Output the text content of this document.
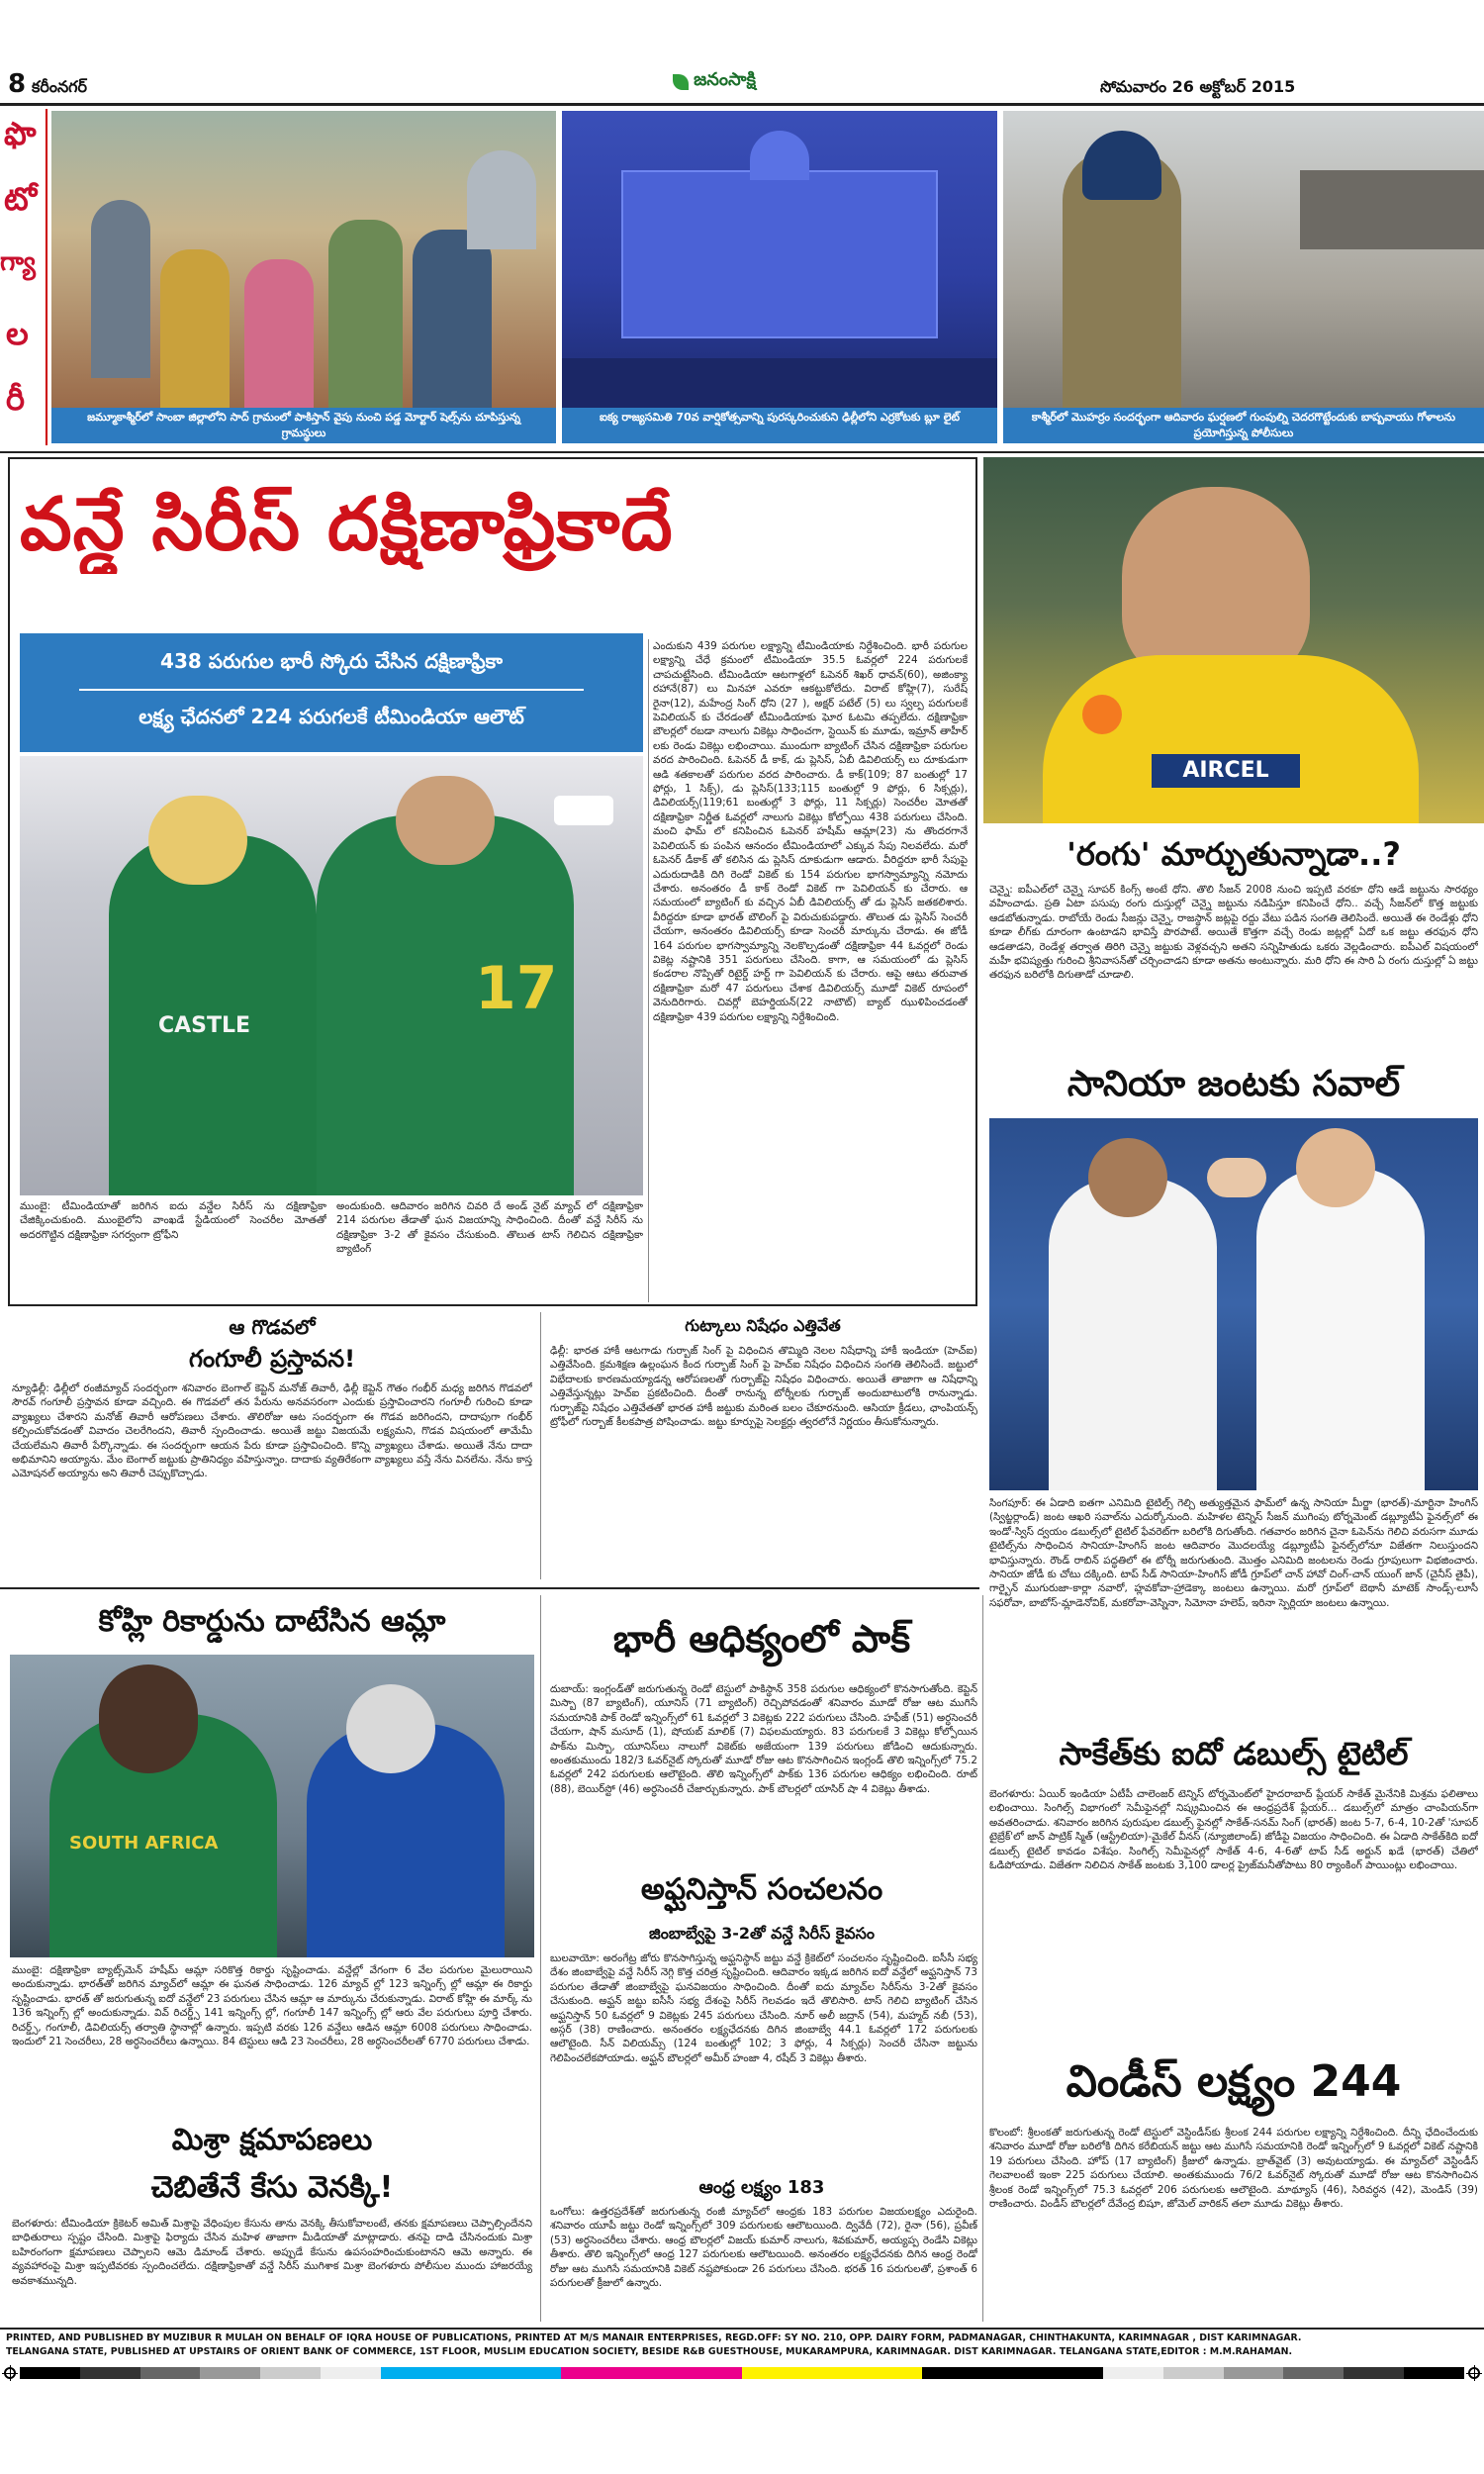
8 కరీంనగర్	జనంసాక్షి	సోమవారం 26 అక్టోబర్ 2015
ఫొ
టో
గ్యా
ల
రీ	జమ్మూకాశ్మీర్‌లో సాంబా జిల్లాలోని సాద్ గ్రామంలో పాకిస్తాన్ వైపు నుంచి పడ్డ మోర్టార్ షెల్స్‌ను చూపిస్తున్న గ్రామస్థులు
ఐక్య రాజ్యసమితి 70వ వార్షికోత్సవాన్ని పురస్కరించుకుని ఢిల్లీలోని ఎర్రకోటకు బ్లూ లైట్	కాశ్మీర్‌లో మొహర్రం సందర్భంగా ఆదివారం ఘర్షణలో గుంపుల్ని చెదరగొట్టేందుకు బాష్పవాయు గోళాలను ప్రయోగిస్తున్న పోలీసులు
వన్డే సిరీస్ దక్షిణాఫ్రికాదే
438 పరుగుల భారీ స్కోరు చేసిన దక్షిణాఫ్రికా
లక్ష్య ఛేదనలో 224 పరుగలకే టీమిండియా ఆలౌట్
ఎందుకుని 439 పరుగుల లక్ష్యాన్ని టీమిండియాకు నిర్దేశించింది. భారీ పరుగుల లక్ష్యాన్ని చేధే క్రమంలో టీమిండియా 35.5 ఓవర్లలో 224 పరుగులకే చాపచుట్టేసింది. టీమిండియా ఆటగాళ్లలో ఓపెనర్ శిఖర్ ధావన్(60), అజింక్యా రహానే(87) లు మినహా ఎవరూ ఆకట్టుకోలేదు. విరాట్ కోహ్లి(7), సురేష్ రైనా(12), మహేంద్ర సింగ్ ధోని (27 ), అక్షర్ పటేల్ (5) లు స్వల్ప పరుగులకే పెవిలియన్ కు చేరడంతో టీమిండియాకు ఘోర ఓటమి తప్పలేదు. దక్షిణాఫ్రికా బౌలర్లలో రబడా నాలుగు వికెట్లు సాధించగా, స్టెయిన్ కు మూడు, ఇమ్రాన్ తాహీర్ లకు రెండు వికెట్లు లభించాయి. ముందుగా బ్యాటింగ్ చేసిన దక్షిణాఫ్రికా పరుగుల వరద పారించింది. ఓపెనర్ డీ కాక్, డు ప్లెసిస్, ఏబీ డివిలియర్స్ లు దూకుడుగా ఆడి శతకాలతో పరుగుల వరద పారించారు. డీ కాక్(109; 87 బంతుల్లో 17 ఫోర్లు, 1 సిక్స్), డు ప్లెసిస్(133;115 బంతుల్లో 9 ఫోర్లు, 6 సిక్సర్లు), డివిలియర్స్(119;61 బంతుల్లో 3 ఫోర్లు, 11 సిక్సర్లు) సెంచరీల మోతతో దక్షిణాఫ్రికా నిర్ణీత ఓవర్లలో నాలుగు వికెట్లు కోల్పోయి 438 పరుగులు చేసింది. మంచి ఫామ్ లో కనిపించిన ఓపెనర్ హషీమ్ ఆమ్లా(23) ను తొందరగానే పెవిలియన్ కు పంపిన ఆనందం టీమిండియాలో ఎక్కువ సేపు నిలవలేదు. మరో ఓపెనర్ డీకాక్ తో కలిసిన డు ప్లెసిస్ దూకుడుగా ఆడారు. వీరిద్దరూ భారీ సేపుపై ఎదురుదాడికి దిగి రెండో వికెట్ కు 154 పరుగుల భాగస్వామ్యాన్ని నమోదు చేశారు. అనంతరం డీ కాక్ రెండో వికెట్ గా పెవిలియన్ కు చేరారు. ఆ సమయంలో బ్యాటింగ్ కు వచ్చిన ఏబీ డివిలియర్స్ తో డు ప్లెసిస్ జతకలిశారు. వీరిద్దరూ కూడా భారత్ బౌలింగ్ పై విరుచుకుపడ్డారు. తొలుత డు ప్లెసిస్ సెంచరీ చేయగా, అనంతరం డివిలియర్స్ కూడా సెంచరీ మార్కును చేరాడు. ఈ జోడీ 164 పరుగుల భాగస్వామ్యాన్ని నెలకొల్పడంతో దక్షిణాఫ్రికా 44 ఓవర్లలో రెండు వికెట్ల నష్టానికి 351 పరుగులు చేసింది. కాగా, ఆ సమయంలో డు ప్లెసిస్ కండరాల నొప్పితో రిటైర్డ్ హర్ట్ గా పెవిలియన్ కు చేరారు. ఆపై ఆటు తరువాత దక్షిణాఫ్రికా మరో 47 పరుగులు చేశాక డివిలియర్స్ మూడో వికెట్ రూపంలో వెనుదిరిగారు. చివర్లో బెహర్డియన్(22 నాటౌట్) బ్యాట్ ఝుళిపించడంతో దక్షిణాఫ్రికా 439 పరుగుల లక్ష్యాన్ని నిర్దేశించింది.
17
CASTLE
ముంబై: టీమిండియాతో జరిగిన ఐదు వన్డేల సిరీస్ ను దక్షిణాఫ్రికా చేజిక్కించుకుంది. ముంబైలోని వాంఖడే స్టేడియంలో సెంచరీల మోతతో అదరగొట్టిన దక్షిణాఫ్రికా సగర్వంగా ట్రోఫీని
అందుకుంది. ఆదివారం జరిగిన చివరి దే అండ్ నైట్ మ్యాచ్ లో దక్షిణాఫ్రికా 214 పరుగుల తేడాతో ఘన విజయాన్ని సాధించింది. దీంతో వన్డే సిరీస్ ను దక్షిణాఫ్రికా 3-2 తో కైవసం చేసుకుంది. తొలుత టాస్ గెలిచిన దక్షిణాఫ్రికా బ్యాటింగ్
AIRCEL
'రంగు' మార్చుతున్నాడా..?
చెన్నై: ఐపీఎల్‌లో చెన్నై సూపర్ కింగ్స్ అంటే ధోని. తొలి సీజన్ 2008 నుంచి ఇప్పటి వరకూ ధోని ఆడే జట్టును సారథ్యం వహించాడు. ప్రతి ఏటా పసుపు రంగు దుస్తుల్లో చెన్నై జట్టును నడిపిస్తూ కనిపించే ధోని.. వచ్చే సీజన్‌లో కొత్త జట్టుకు ఆడబోతున్నాడు. రాబోయే రెండు సీజన్లు చెన్నై, రాజస్థాన్ జట్లపై రద్దు వేటు పడిన సంగతి తెలిసిందే. అయితే ఈ రెండేళ్లు ధోని కూడా లీగ్‌కు దూరంగా ఉంటాడని భావిస్తే పొరపాటే. అయితే కొత్తగా వచ్చే రెండు జట్లల్లో ఏదో ఒక జట్టు తరఫున ధోని ఆడతాడని, రెండేళ్ల తర్వాత తిరిగి చెన్నై జట్టుకు వెళ్లవచ్చని అతని సన్నిహితుడు ఒకరు వెల్లడించారు. ఐపీఎల్ విషయంలో మహీ భవిష్యత్తు గురించి శ్రీనివాసన్‌తో చర్చించాడని కూడా అతను అంటున్నారు. మరి ధోని ఈ సారి ఏ రంగు దుస్తుల్లో ఏ జట్టు తరఫున బరిలోకి దిగుతాడో చూడాలి.
సానియా జంటకు సవాల్
సింగపూర్: ఈ ఏడాది ఐతగా ఎనిమిది టైటిల్స్ గెల్చి అత్యుత్తమైన ఫామ్‌లో ఉన్న సానియా మీర్జా (భారత్)-మార్టినా హింగిస్ (స్విట్జర్లాండ్) జంట ఆఖరి సవాల్‌ను ఎదుర్కోనుంది. మహిళల టెన్నిస్ సీజన్ ముగింపు టోర్నమెంట్ డబ్ల్యూటీఏ ఫైనల్స్‌లో ఈ ఇండో-స్విస్ ద్వయం డబుల్స్‌లో టైటిల్ ఫేవరెట్‌గా బరిలోకి దిగుతోంది. గతవారం జరిగిన చైనా ఓపెన్‌ను గెలిచి వరుసగా మూడు టైటిల్స్‌ను సాధించిన సానియా-హింగిస్ జంట ఆదివారం మొదలయ్యే డబ్ల్యూటీఏ ఫైనల్స్‌లోనూ విజేతగా నిలుస్తుందని భావిస్తున్నారు. రౌండ్ రాబిన్ పద్ధతిలో ఈ టోర్నీ జరుగుతుంది. మొత్తం ఎనిమిది జంటలను రెండు గ్రూపులుగా విభజించారు. సానియా జోడీ కు చోటు దక్కింది. టాప్ సీడ్ సానియా-హింగిస్ జోడీ గ్రూప్‌లో చాన్ హావో చింగ్-చాన్ యుంగ్ జాన్ (చైనీస్ తైపీ), గార్బైన్ ముగురుజా-కార్లా నవారో, హ్లవకోవా-హ్రాడెక్కా జంటలు ఉన్నాయి. మరో గ్రూప్‌లో బెథానీ మాటెక్ సాండ్స్-లూసీ సఫరోవా, బాబోస్-మ్లాడెనోవిక్, మకరోవా-వెస్నినా, సిమోనా హలెప్, ఇరినా స్పెర్లియా జంటలు ఉన్నాయి.
ఆ గొడవలో
గంగూలీ ప్రస్తావన!
న్యూఢిల్లీ: ఢిల్లీలో రంజీమ్యాచ్ సందర్భంగా శనివారం బెంగాల్ కెప్టెన్ మనోజ్ తివారీ, ఢిల్లీ కెప్టెన్ గౌతం గంభీర్ మధ్య జరిగిన గొడవలో సౌరవ్ గంగూలీ ప్రస్తావన కూడా వచ్చింది. ఈ గొడవలో తన పేరును అనవసరంగా ఎందుకు ప్రస్తావించారని గంగూలీ గురించి కూడా వ్యాఖ్యలు చేశారని మనోజ్ తివారీ ఆరోపణలు చేశారు. తొలిరోజు ఆట సందర్భంగా ఈ గొడవ జరిగిందని, దాదాపుగా గంభీర్ కల్పించుకోవడంతో వివాదం చెలరేగిందని, తివారీ స్పందించాడు. అయితే జట్టు విజయమే లక్ష్యమని, గొడవ విషయంలో తామేమీ చేయలేమని తివారీ పేర్కొన్నాడు. ఈ సందర్భంగా ఆయన పేరు కూడా ప్రస్తావించింది. కొన్ని వ్యాఖ్యలు చేశాడు. అయితే నేను దాదా అభిమానిని అయ్యాను. మేం బెంగాల్ జట్టుకు ప్రాతినిధ్యం వహిస్తున్నాం. దాదాకు వ్యతిరేకంగా వ్యాఖ్యలు వస్తే నేను వినలేను. నేను కాస్త ఎమోషనల్ అయ్యాను అని తివారీ చెప్పుకొచ్చాడు.
గుట్కాలు నిషేధం ఎత్తివేత
ఢిల్లీ: భారత హాకీ ఆటగాడు గుర్బాజ్ సింగ్ పై విధించిన తొమ్మిది నెలల నిషేధాన్ని హాకీ ఇండియా (హెచ్ఐ) ఎత్తివేసింది. క్రమశిక్షణ ఉల్లంఘన కింద గుర్బాజ్ సింగ్ పై హెచ్ఐ నిషేధం విధించిన సంగతి తెలిసిందే. జట్టులో విభేదాలకు కారణమయ్యాడన్న ఆరోపణలతో గుర్బాజ్‌పై నిషేధం విధించారు. అయితే తాజాగా ఆ నిషేధాన్ని ఎత్తివేస్తున్నట్లు హెచ్ఐ ప్రకటించింది. దీంతో రానున్న టోర్నీలకు గుర్బాజ్ అందుబాటులోకి రానున్నాడు. గుర్బాజ్‌పై నిషేధం ఎత్తివేతతో భారత హాకీ జట్టుకు మరింత బలం చేకూరనుంది. ఆసియా క్రీడలు, ఛాంపియన్స్ ట్రోఫీలో గుర్బాజ్ కీలకపాత్ర పోషించాడు. జట్టు కూర్పుపై సెలక్టర్లు త్వరలోనే నిర్ణయం తీసుకోనున్నారు.
కోహ్లి రికార్డును దాటేసిన ఆమ్లా
SOUTH AFRICA
ముంబై: దక్షిణాఫ్రికా బ్యాట్స్‌మెన్ హషీమ్ ఆమ్లా సరికొత్త రికార్డు సృష్టించాడు. వన్డేల్లో వేగంగా 6 వేల పరుగుల మైలురాయిని అందుకున్నాడు. భారత్‌తో జరిగిన మ్యాచ్‌లో ఆమ్లా ఈ ఘనత సాధించాడు. 126 మ్యాచ్ ల్లో 123 ఇన్నింగ్స్ ల్లో ఆమ్లా ఈ రికార్డు సృష్టించాడు. భారత్ తో జరుగుతున్న ఐదో వన్డేలో 23 పరుగులు చేసిన ఆమ్లా ఆ మార్కును చేరుకున్నాడు. విరాట్ కోహ్లి ఈ మార్క్ ను 136 ఇన్నింగ్స్ ల్లో అందుకున్నాడు. వివ్ రిచర్డ్స్ 141 ఇన్నింగ్స్ ల్లో, గంగూలీ 147 ఇన్నింగ్స్ ల్లో ఆరు వేల పరుగులు పూర్తి చేశారు. రిచర్డ్స్, గంగూలీ, డివిలియర్స్ తర్వాతి స్థానాల్లో ఉన్నారు. ఇప్పటి వరకు 126 వన్డేలు ఆడిన ఆమ్లా 6008 పరుగులు సాధించాడు. ఇందులో 21 సెంచరీలు, 28 అర్ధసెంచరీలు ఉన్నాయి. 84 టెస్టులు ఆడి 23 సెంచరీలు, 28 అర్ధసెంచరీలతో 6770 పరుగులు చేశాడు.
మిశ్రా క్షమాపణలు
చెబితేనే కేసు వెనక్కి!
బెంగళూరు: టీమిండియా క్రికెటర్ అమిత్ మిశ్రాపై వేధింపుల కేసును తాను వెనక్కి తీసుకోవాలంటే, తనకు క్షమాపణలు చెప్పాల్సిందేనని బాధితురాలు స్పష్టం చేసింది. మిశ్రాపై ఫిర్యాదు చేసిన మహిళ తాజాగా మీడియాతో మాట్లాడారు. తనపై దాడి చేసినందుకు మిశ్రా బహిరంగంగా క్షమాపణలు చెప్పాలని ఆమె డిమాండ్ చేశారు. అప్పుడే కేసును ఉపసంహరించుకుంటానని ఆమె అన్నారు. ఈ వ్యవహారంపై మిశ్రా ఇప్పటివరకు స్పందించలేదు. దక్షిణాఫ్రికాతో వన్డే సిరీస్ ముగిశాక మిశ్రా బెంగళూరు పోలీసుల ముందు హాజరయ్యే అవకాశమున్నది.
భారీ ఆధిక్యంలో పాక్
దుబాయ్: ఇంగ్లండ్‌తో జరుగుతున్న రెండో టెస్టులో పాకిస్థాన్ 358 పరుగుల ఆధిక్యంలో కొనసాగుతోంది. కెప్టెన్ మిస్బా (87 బ్యాటింగ్), యూనిస్ (71 బ్యాటింగ్) రెచ్చిపోవడంతో శనివారం మూడో రోజు ఆట ముగిసే సమయానికి పాక్ రెండో ఇన్నింగ్స్‌లో 61 ఓవర్లలో 3 వికెట్లకు 222 పరుగులు చేసింది. హఫీజ్ (51) అర్ధసెంచరీ చేయగా, షాన్ మసూద్ (1), షోయబ్ మాలిక్ (7) విఫలమయ్యారు. 83 పరుగులకే 3 వికెట్లు కోల్పోయిన పాక్‌ను మిస్బా, యూనిస్‌లు నాలుగో వికెట్‌కు అజేయంగా 139 పరుగులు జోడించి ఆదుకున్నారు. అంతకుముందు 182/3 ఓవర్‌నైట్ స్కోరుతో మూడో రోజు ఆట కొనసాగించిన ఇంగ్లండ్ తొలి ఇన్నింగ్స్‌లో 75.2 ఓవర్లలో 242 పరుగులకు ఆలౌటైంది. తొలి ఇన్నింగ్స్‌లో పాక్‌కు 136 పరుగుల ఆధిక్యం లభించింది. రూట్ (88), బెయిర్‌స్టో (46) అర్ధసెంచరీ చేజార్చుకున్నారు. పాక్ బౌలర్లలో యాసిర్ షా 4 వికెట్లు తీశాడు.
అఫ్ఘనిస్తాన్ సంచలనం
జింబాబ్వేపై 3-2తో వన్డే సిరీస్ కైవసం
బులవాయో: అరంగేట్ర జోరు కొనసాగిస్తున్న అఫ్ఘనిస్థాన్ జట్టు వన్డే క్రికెట్‌లో సంచలనం సృష్టించింది. ఐసీసీ సభ్య దేశం జింబాబ్వేపై వన్డే సిరీస్ నెగ్గి కొత్త చరిత్ర సృష్టించింది. ఆదివారం ఇక్కడ జరిగిన ఐదో వన్డేలో అఫ్ఘనిస్తాన్ 73 పరుగుల తేడాతో జింబాబ్వేపై ఘనవిజయం సాధించింది. దీంతో ఐదు మ్యాచ్‌ల సిరీస్‌ను 3-2తో కైవసం చేసుకుంది. అఫ్ఘన్ జట్టు ఐసీసీ సభ్య దేశంపై సిరీస్ గెలవడం ఇదే తొలిసారి. టాస్ గెలిచి బ్యాటింగ్ చేసిన అఫ్ఘనిస్తాన్ 50 ఓవర్లలో 9 వికెట్లకు 245 పరుగులు చేసింది. నూర్ అలీ జద్రాన్ (54), మహ్మద్ నబీ (53), అస్గర్ (38) రాణించారు. అనంతరం లక్ష్యఛేదనకు దిగిన జింబాబ్వే 44.1 ఓవర్లలో 172 పరుగులకు ఆలౌటైంది. సీన్ విలియమ్స్ (124 బంతుల్లో 102; 3 ఫోర్లు, 4 సిక్సర్లు) సెంచరీ చేసినా జట్టును గెలిపించలేకపోయాడు. అఫ్ఘన్ బౌలర్లలో అమీర్ హంజా 4, రషీద్ 3 వికెట్లు తీశారు.
ఆంధ్ర లక్ష్యం 183
ఒంగోలు: ఉత్తరప్రదేశ్‌తో జరుగుతున్న రంజీ మ్యాచ్‌లో ఆంధ్రకు 183 పరుగుల విజయలక్ష్యం ఎదురైంది. శనివారం యూపీ జట్టు రెండో ఇన్నింగ్స్‌లో 309 పరుగులకు ఆలౌటయింది. ద్వివేదీ (72), రైనా (56), ప్రవీణ్ (53) అర్ధసెంచరీలు చేశారు. ఆంధ్ర బౌలర్లలో విజయ్ కుమార్ నాలుగు, శివకుమార్, అయ్యప్ప రెండేసి వికెట్లు తీశారు. తొలి ఇన్నింగ్స్‌లో ఆంధ్ర 127 పరుగులకు ఆలౌటయింది. అనంతరం లక్ష్యఛేదనకు దిగిన ఆంధ్ర రెండో రోజు ఆట ముగిసే సమయానికి వికెట్ నష్టపోకుండా 26 పరుగులు చేసింది. భరత్ 16 పరుగులతో, ప్రశాంత్ 6 పరుగులతో క్రీజులో ఉన్నారు.
సాకేత్‌కు ఐదో డబుల్స్ టైటిల్
బెంగళూరు: ఏయిర్ ఇండియా ఏటీపీ చాలెంజర్ టెన్నిస్ టోర్నమెంట్‌లో హైదరాబాద్ ప్లేయర్ సాకేత్ మైనేనికి మిశ్రమ ఫలితాలు లభించాయి. సింగిల్స్ విభాగంలో సెమీఫైనల్లో నిష్క్రమించిన ఈ ఆంధ్రప్రదేశ్ ప్లేయర్... డబుల్స్‌లో మాత్రం చాంపియన్‌గా అవతరించాడు. శనివారం జరిగిన పురుషుల డబుల్స్ ఫైనల్లో సాకేత్-సనమ్ సింగ్ (భారత్) జంట 5-7, 6-4, 10-2తో 'సూపర్ టైబ్రేక్'లో జాన్ పాట్రిక్ స్మిత్ (ఆస్ట్రేలియా)-మైకేల్ వీనస్ (న్యూజిలాండ్) జోడీపై విజయం సాధించింది. ఈ ఏడాది సాకేత్‌కిది ఐదో డబుల్స్ టైటిల్ కావడం విశేషం. సింగిల్స్ సెమీఫైనల్లో సాకేత్ 4-6, 4-6తో టాప్ సీడ్ అర్జున్ ఖడే (భారత్) చేతిలో ఓడిపోయాడు. విజేతగా నిలిచిన సాకేత్ జంటకు 3,100 డాలర్ల ప్రైజ్‌మనీతోపాటు 80 ర్యాంకింగ్ పాయింట్లు లభించాయి.
విండీస్ లక్ష్యం 244
కొలంబో: శ్రీలంకతో జరుగుతున్న రెండో టెస్టులో వెస్టిండీస్‌కు శ్రీలంక 244 పరుగుల లక్ష్యాన్ని నిర్దేశించింది. దీన్ని ఛేదించేందుకు శనివారం మూడో రోజు బరిలోకి దిగిన కరేబియన్ జట్టు ఆట ముగిసే సమయానికి రెండో ఇన్నింగ్స్‌లో 9 ఓవర్లలో వికెట్ నష్టానికి 19 పరుగులు చేసింది. హోప్ (17 బ్యాటింగ్) క్రీజులో ఉన్నాడు. బ్రాత్‌వైట్ (3) అవుటయ్యాడు. ఈ మ్యాచ్‌లో వెస్టిండీస్ గెలవాలంటే ఇంకా 225 పరుగులు చేయాలి. అంతకుముందు 76/2 ఓవర్‌నైట్ స్కోరుతో మూడో రోజు ఆట కొనసాగించిన శ్రీలంక రెండో ఇన్నింగ్స్‌లో 75.3 ఓవర్లలో 206 పరుగులకు ఆలౌటైంది. మాథ్యూస్ (46), సిరివర్ధన (42), మెండిస్ (39) రాణించారు. విండీస్ బౌలర్లలో దేవేంద్ర బిషూ, జోమెల్ వారికన్ తలా మూడు వికెట్లు తీశారు.
PRINTED, AND PUBLISHED BY MUZIBUR R MULAH ON BEHALF OF IQRA HOUSE OF PUBLICATIONS, PRINTED AT M/S MANAIR ENTERPRISES, REGD.OFF: SY NO. 210, OPP. DAIRY FORM, PADMANAGAR, CHINTHAKUNTA, KARIMNAGAR , DIST KARIMNAGAR.
TELANGANA STATE, PUBLISHED AT UPSTAIRS OF ORIENT BANK OF COMMERCE, 1ST FLOOR, MUSLIM EDUCATION SOCIETY, BESIDE R&B GUESTHOUSE, MUKARAMPURA, KARIMNAGAR. DIST KARIMNAGAR. TELANGANA STATE,EDITOR : M.M.RAHAMAN.
